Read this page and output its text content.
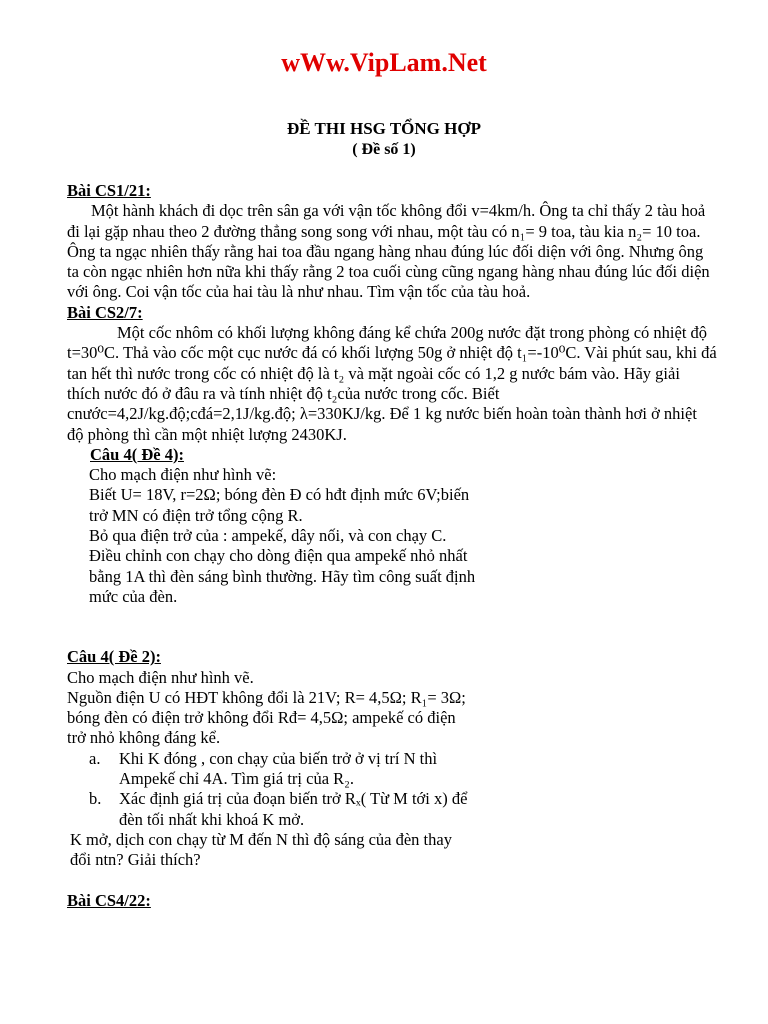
wWw.VipLam.Net
ĐỀ THI HSG TỔNG HỢP
( Đề số 1)

Bài CS1/21:

Một hành khách đi dọc trên sân ga với vận tốc không đổi v=4km/h. Ông ta chỉ thấy 2 tàu hoả đi lại gặp nhau theo 2 đường thẳng song song với nhau, một tàu có n₁= 9 toa, tàu kia n₂= 10 toa. Ông ta ngạc nhiên thấy rằng hai toa đầu ngang hàng nhau đúng lúc đối diện với ông. Nhưng ông ta còn ngạc nhiên hơn nữa khi thấy rằng 2 toa cuối cùng cũng ngang hàng nhau đúng lúc đối diện với ông. Coi vận tốc của hai tàu là như nhau. Tìm vận tốc của tàu hoả.

Bài CS2/7:

Một cốc nhôm có khối lượng không đáng kể chứa 200g nước đặt trong phòng có nhiệt độ t=30⁰C. Thả vào cốc một cục nước đá có khối lượng 50g ở nhiệt độ t₁=-10⁰C. Vài phút sau, khi đá tan hết thì nước trong cốc có nhiệt độ là t₂ và mặt ngoài cốc có 1,2 g nước bám vào. Hãy giải thích nước đó ở đâu ra và tính nhiệt độ t₂của nước trong cốc. Biết cnước=4,2J/kg.độ;cđá=2,1J/kg.độ; λ=330KJ/kg. Để 1 kg nước biến hoàn toàn thành hơi ở nhiệt độ phòng thì cần một nhiệt lượng 2430KJ.

Câu 4( Đề 4):

Cho mạch điện như hình vẽ:

Biết U= 18V, r=2Ω; bóng đèn Đ có hđt định mức 6V;biến trở MN có điện trở tổng cộng R.

Bỏ qua điện trở của : ampekế, dây nối, và con chạy C.

Điều chỉnh con chạy cho dòng điện qua ampekế nhỏ nhất bằng 1A thì đèn sáng bình thường. Hãy tìm công suất định mức của đèn.

Câu 4( Đề 2):

Cho mạch điện như hình vẽ.

Nguồn điện U có HĐT không đổi là 21V; R= 4,5Ω; R₁= 3Ω; bóng đèn có điện trở không đổi Rđ= 4,5Ω; ampekế có điện trở nhỏ không đáng kể.

a.	Khi K đóng , con chạy của biến trở ở vị trí N thì Ampekế chỉ 4A. Tìm giá trị của R₂.
b.	Xác định giá trị của đoạn biến trở Rₓ( Từ M tới x) để đèn tối nhất khi khoá K mở.

K mở, dịch con chạy từ M đến N thì độ sáng của đèn thay đổi ntn? Giải thích?

Bài CS4/22:
